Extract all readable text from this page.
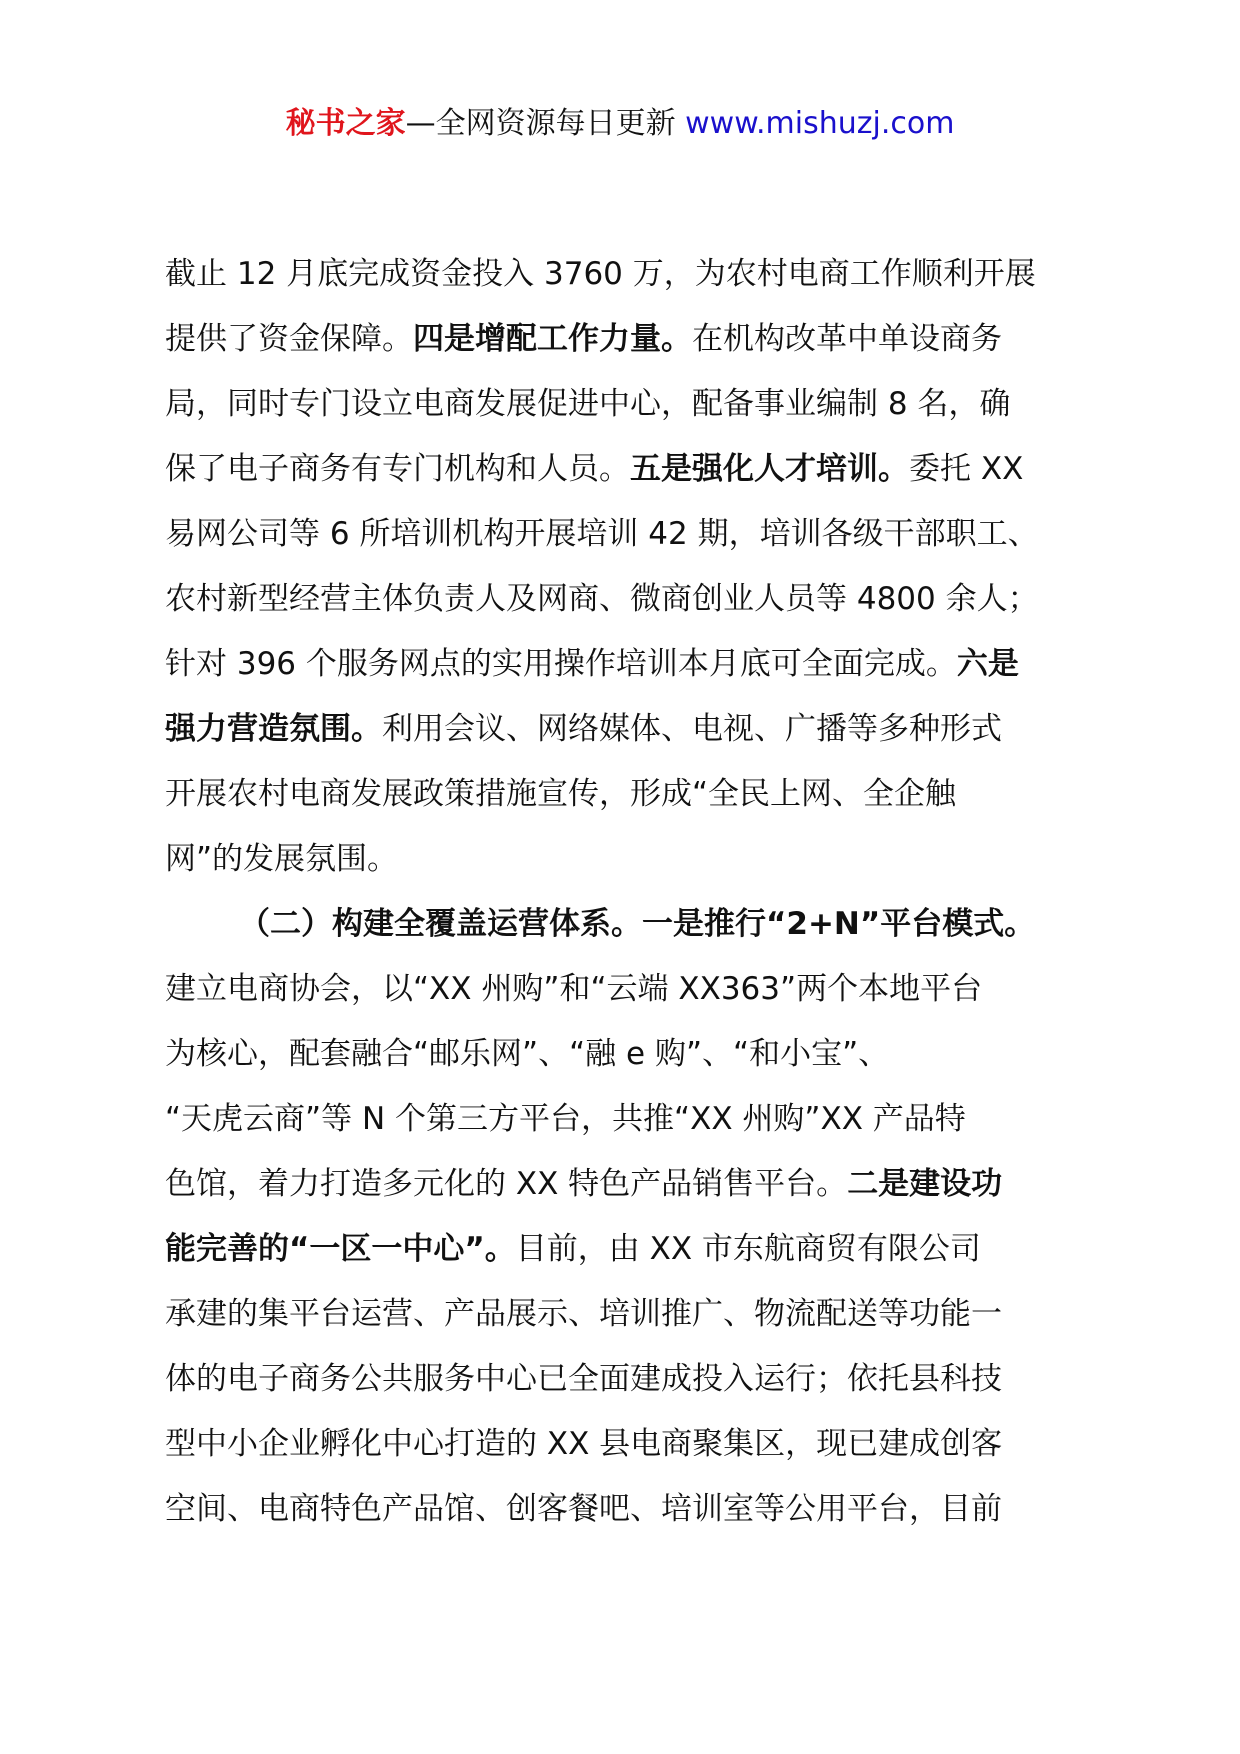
秘书之家—全网资源每日更新 www.mishuzj.com
截止 12 月底完成资金投入 3760 万，为农村电商工作顺利开展
提供了资金保障。四是增配工作力量。在机构改革中单设商务
局，同时专门设立电商发展促进中心，配备事业编制 8 名，确
保了电子商务有专门机构和人员。五是强化人才培训。委托 XX
易网公司等 6 所培训机构开展培训 42 期，培训各级干部职工、
农村新型经营主体负责人及网商、微商创业人员等 4800 余人；
针对 396 个服务网点的实用操作培训本月底可全面完成。六是
强力营造氛围。利用会议、网络媒体、电视、广播等多种形式
开展农村电商发展政策措施宣传，形成“全民上网、全企触
网”的发展氛围。
（二）构建全覆盖运营体系。一是推行“2+N”平台模式。
建立电商协会，以“XX 州购”和“云端 XX363”两个本地平台
为核心，配套融合“邮乐网”、“融 e 购”、“和小宝”、
“天虎云商”等 N 个第三方平台，共推“XX 州购”XX 产品特
色馆，着力打造多元化的 XX 特色产品销售平台。二是建设功
能完善的“一区一中心”。目前，由 XX 市东航商贸有限公司
承建的集平台运营、产品展示、培训推广、物流配送等功能一
体的电子商务公共服务中心已全面建成投入运行；依托县科技
型中小企业孵化中心打造的 XX 县电商聚集区，现已建成创客
空间、电商特色产品馆、创客餐吧、培训室等公用平台，目前
